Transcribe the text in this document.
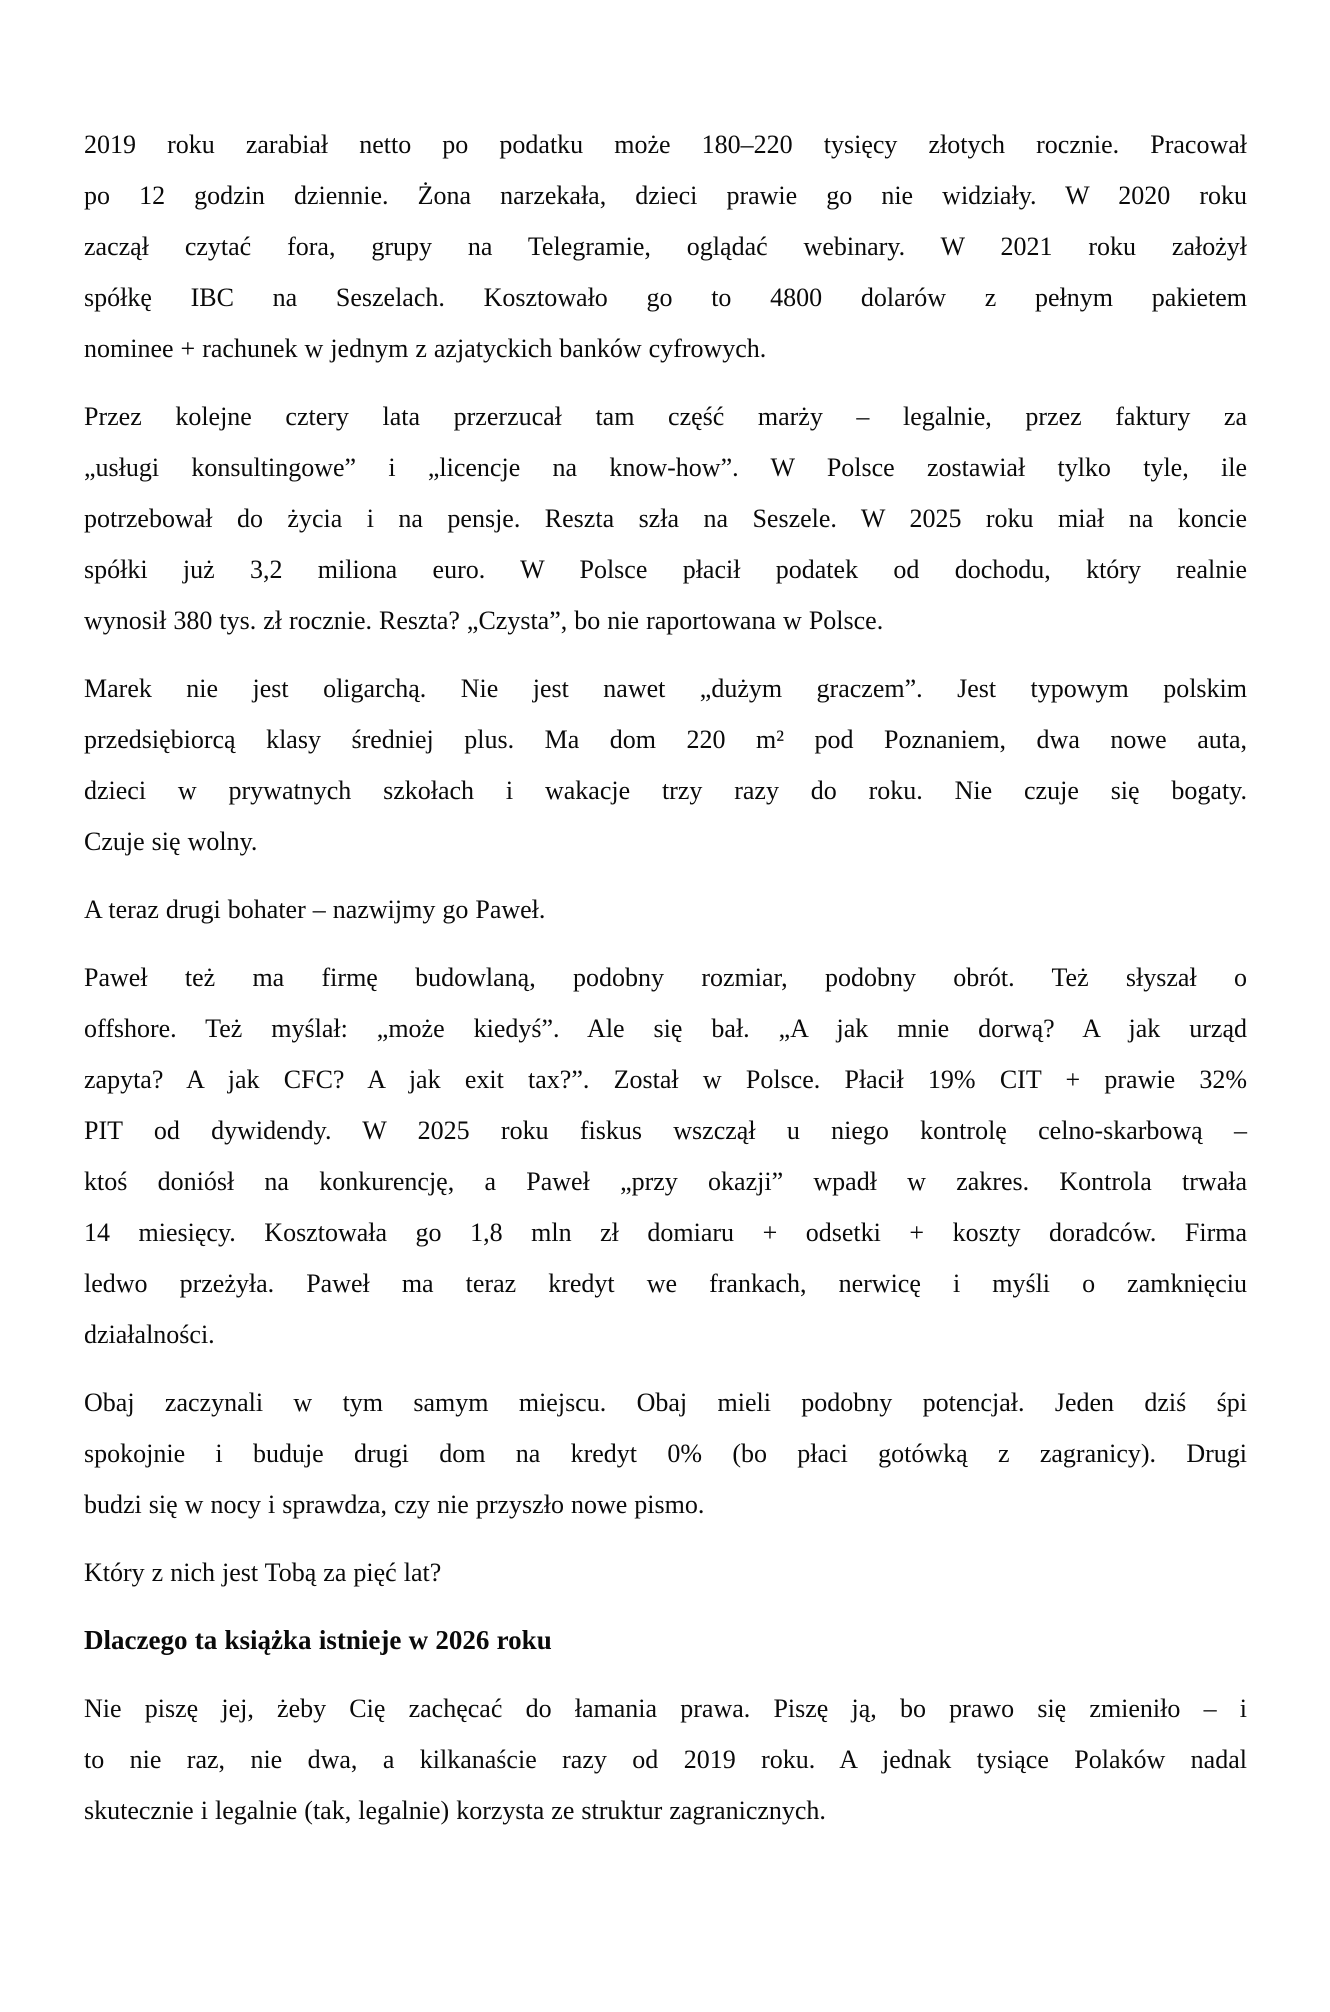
2019 roku zarabiał netto po podatku może 180–220 tysięcy złotych rocznie. Pracował
po 12 godzin dziennie. Żona narzekała, dzieci prawie go nie widziały. W 2020 roku
zaczął czytać fora, grupy na Telegramie, oglądać webinary. W 2021 roku założył
spółkę IBC na Seszelach. Kosztowało go to 4800 dolarów z pełnym pakietem
nominee + rachunek w jednym z azjatyckich banków cyfrowych.

Przez kolejne cztery lata przerzucał tam część marży – legalnie, przez faktury za
„usługi konsultingowe” i „licencje na know-how”. W Polsce zostawiał tylko tyle, ile
potrzebował do życia i na pensje. Reszta szła na Seszele. W 2025 roku miał na koncie
spółki już 3,2 miliona euro. W Polsce płacił podatek od dochodu, który realnie
wynosił 380 tys. zł rocznie. Reszta? „Czysta”, bo nie raportowana w Polsce.

Marek nie jest oligarchą. Nie jest nawet „dużym graczem”. Jest typowym polskim
przedsiębiorcą klasy średniej plus. Ma dom 220 m² pod Poznaniem, dwa nowe auta,
dzieci w prywatnych szkołach i wakacje trzy razy do roku. Nie czuje się bogaty.
Czuje się wolny.

A teraz drugi bohater – nazwijmy go Paweł.

Paweł też ma firmę budowlaną, podobny rozmiar, podobny obrót. Też słyszał o
offshore. Też myślał: „może kiedyś”. Ale się bał. „A jak mnie dorwą? A jak urząd
zapyta? A jak CFC? A jak exit tax?”. Został w Polsce. Płacił 19% CIT + prawie 32%
PIT od dywidendy. W 2025 roku fiskus wszczął u niego kontrolę celno-skarbową –
ktoś doniósł na konkurencję, a Paweł „przy okazji” wpadł w zakres. Kontrola trwała
14 miesięcy. Kosztowała go 1,8 mln zł domiaru + odsetki + koszty doradców. Firma
ledwo przeżyła. Paweł ma teraz kredyt we frankach, nerwicę i myśli o zamknięciu
działalności.

Obaj zaczynali w tym samym miejscu. Obaj mieli podobny potencjał. Jeden dziś śpi
spokojnie i buduje drugi dom na kredyt 0% (bo płaci gotówką z zagranicy). Drugi
budzi się w nocy i sprawdza, czy nie przyszło nowe pismo.

Który z nich jest Tobą za pięć lat?

Dlaczego ta książka istnieje w 2026 roku

Nie piszę jej, żeby Cię zachęcać do łamania prawa. Piszę ją, bo prawo się zmieniło – i
to nie raz, nie dwa, a kilkanaście razy od 2019 roku. A jednak tysiące Polaków nadal
skutecznie i legalnie (tak, legalnie) korzysta ze struktur zagranicznych.
